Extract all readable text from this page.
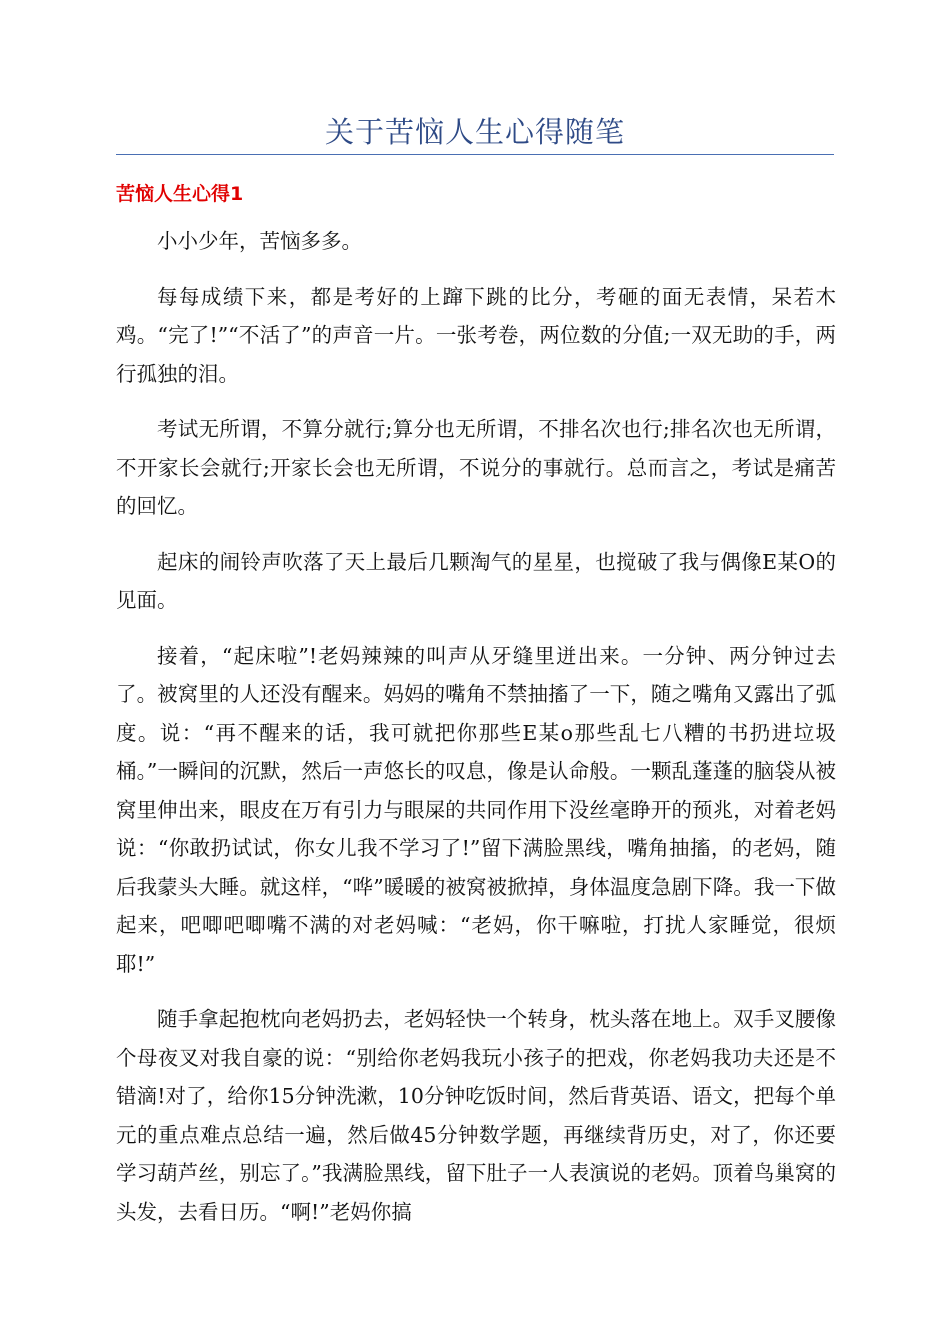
关于苦恼人生心得随笔
苦恼人生心得1

小小少年，苦恼多多。

每每成绩下来，都是考好的上蹿下跳的比分，考砸的面无表情，呆若木鸡。“完了!”“不活了”的声音一片。一张考卷，两位数的分值;一双无助的手，两行孤独的泪。

考试无所谓，不算分就行;算分也无所谓，不排名次也行;排名次也无所谓，不开家长会就行;开家长会也无所谓，不说分的事就行。总而言之，考试是痛苦的回忆。

起床的闹铃声吹落了天上最后几颗淘气的星星，也搅破了我与偶像E某O的见面。

接着，“起床啦”!老妈辣辣的叫声从牙缝里迸出来。一分钟、两分钟过去了。被窝里的人还没有醒来。妈妈的嘴角不禁抽搐了一下，随之嘴角又露出了弧度。说：“再不醒来的话，我可就把你那些E某o那些乱七八糟的书扔进垃圾桶。”一瞬间的沉默，然后一声悠长的叹息，像是认命般。一颗乱蓬蓬的脑袋从被窝里伸出来，眼皮在万有引力与眼屎的共同作用下没丝毫睁开的预兆，对着老妈说：“你敢扔试试，你女儿我不学习了!”留下满脸黑线，嘴角抽搐，的老妈，随后我蒙头大睡。就这样，“哗”暖暖的被窝被掀掉，身体温度急剧下降。我一下做起来，吧唧吧唧嘴不满的对老妈喊：“老妈，你干嘛啦，打扰人家睡觉，很烦耶!”

随手拿起抱枕向老妈扔去，老妈轻快一个转身，枕头落在地上。双手叉腰像个母夜叉对我自豪的说：“别给你老妈我玩小孩子的把戏，你老妈我功夫还是不错滴!对了，给你15分钟洗漱，10分钟吃饭时间，然后背英语、语文，把每个单元的重点难点总结一遍，然后做45分钟数学题，再继续背历史，对了，你还要学习葫芦丝，别忘了。”我满脸黑线，留下肚子一人表演说的老妈。顶着鸟巢窝的头发，去看日历。“啊!”老妈你搞
